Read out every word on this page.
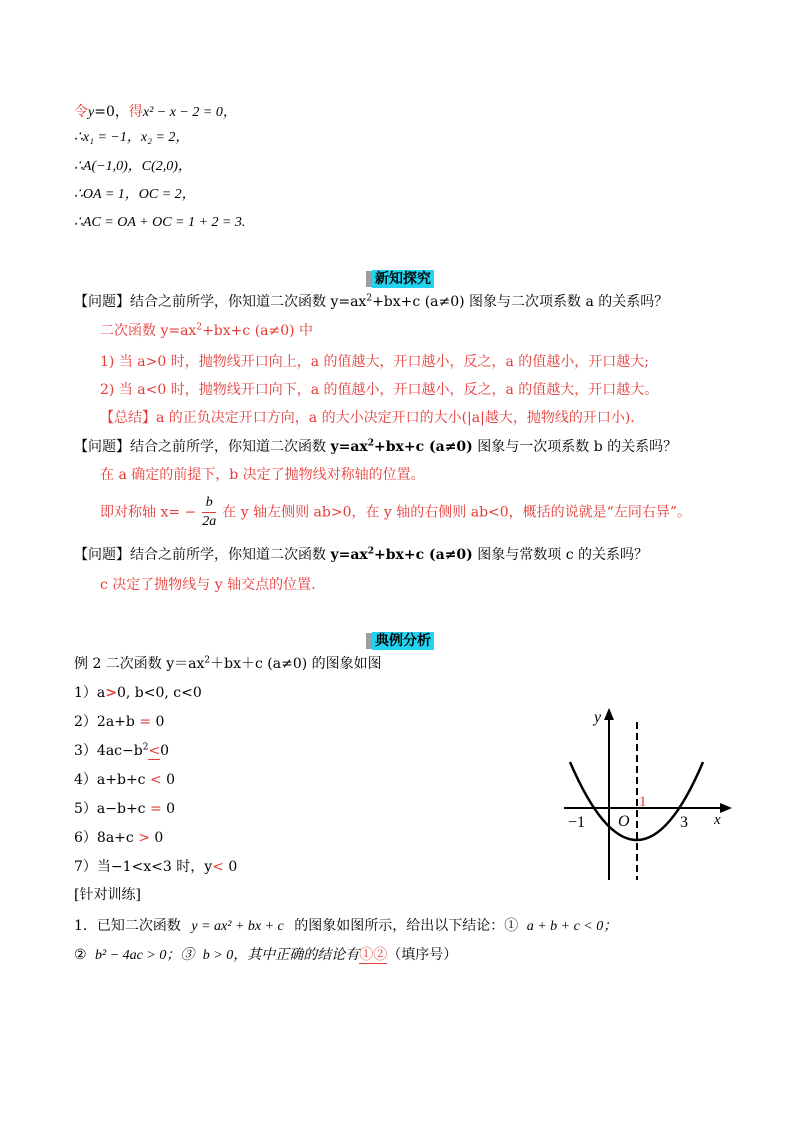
令y=0，得x² − x − 2 = 0，
∴x₁ = −1，x₂ = 2，
∴A(−1,0)，C(2,0)，
∴OA = 1，OC = 2，
∴AC = OA + OC = 1 + 2 = 3.
新知探究
【问题】结合之前所学，你知道二次函数 $y=ax^2+bx+c$ (a≠0) 图象与二次项系数 a 的关系吗？
二次函数 $y=ax^2+bx+c$ (a≠0) 中
1) 当 a>0 时，抛物线开口向上，a 的值越大，开口越小，反之，a 的值越小，开口越大;
2) 当 a<0 时，抛物线开口向下，a 的值越小，开口越小，反之，a 的值越大，开口越大。
【总结】a 的正负决定开口方向，a 的大小决定开口的大小(|a|越大，抛物线的开口小).
【问题】结合之前所学，你知道二次函数 $y=ax^2+bx+c$ (a≠0) 图象与一次项系数 b 的关系吗？
在 a 确定的前提下，b 决定了抛物线对称轴的位置。
即对称轴 $x= - \frac{b}{2a}$ 在 y 轴左侧则 ab>0，在 y 轴的右侧则 ab<0，概括的说就是“左同右异”。
【问题】结合之前所学，你知道二次函数 $y=ax^2+bx+c$ (a≠0) 图象与常数项 c 的关系吗？
c 决定了抛物线与 y 轴交点的位置.
典例分析
例 2 二次函数 $y=ax^2+bx+c$ (a≠0) 的图象如图
1）a>0, b<0, c<0
2）2a+b = 0
$3)4ac-b^2<0$
4）a+b+c < 0
5）a−b+c = 0
6）8a+c > 0
7）当−1<x<3 时，y< 0
y
x
O
−1	3
1
[针对训练]
1．已知二次函数 y = ax² + bx + c 的图象如图所示，给出以下结论：① a + b + c < 0；
② b² − 4ac > 0；③ b > 0，其中正确的结论有①②（填序号）
